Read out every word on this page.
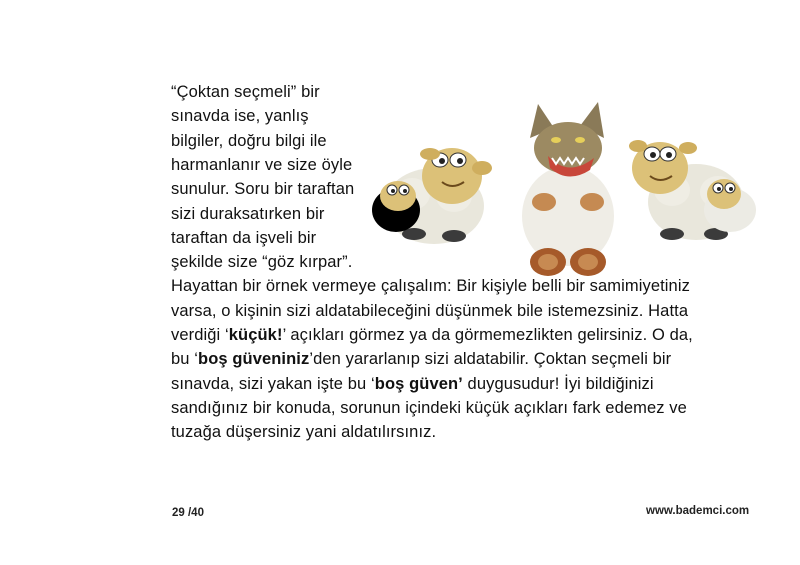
“Çoktan seçmeli” bir
sınavda ise, yanlış
bilgiler, doğru bilgi ile
harmanlanır ve size öyle
sunulur. Soru bir taraftan
sizi duraksatırken bir
taraftan da işveli bir
şekilde size “göz kırpar”.
Hayattan bir örnek vermeye çalışalım: Bir kişiyle belli bir samimiyetiniz
varsa, o kişinin sizi aldatabileceğini düşünmek bile istemezsiniz. Hatta
verdiği ‘küçük!’ açıkları görmez ya da görmemezlikten gelirsiniz. O da,
bu ‘boş güveniniz’den yararlanıp sizi aldatabilir. Çoktan seçmeli bir
sınavda, sizi yakan işte bu ‘boş güven’ duygusudur! İyi bildiğinizi
sandığınız bir konuda, sorunun içindeki küçük açıkları fark edemez ve
tuzağa düşersiniz yani aldatılırsınız.
29 /40	www.bademci.com
